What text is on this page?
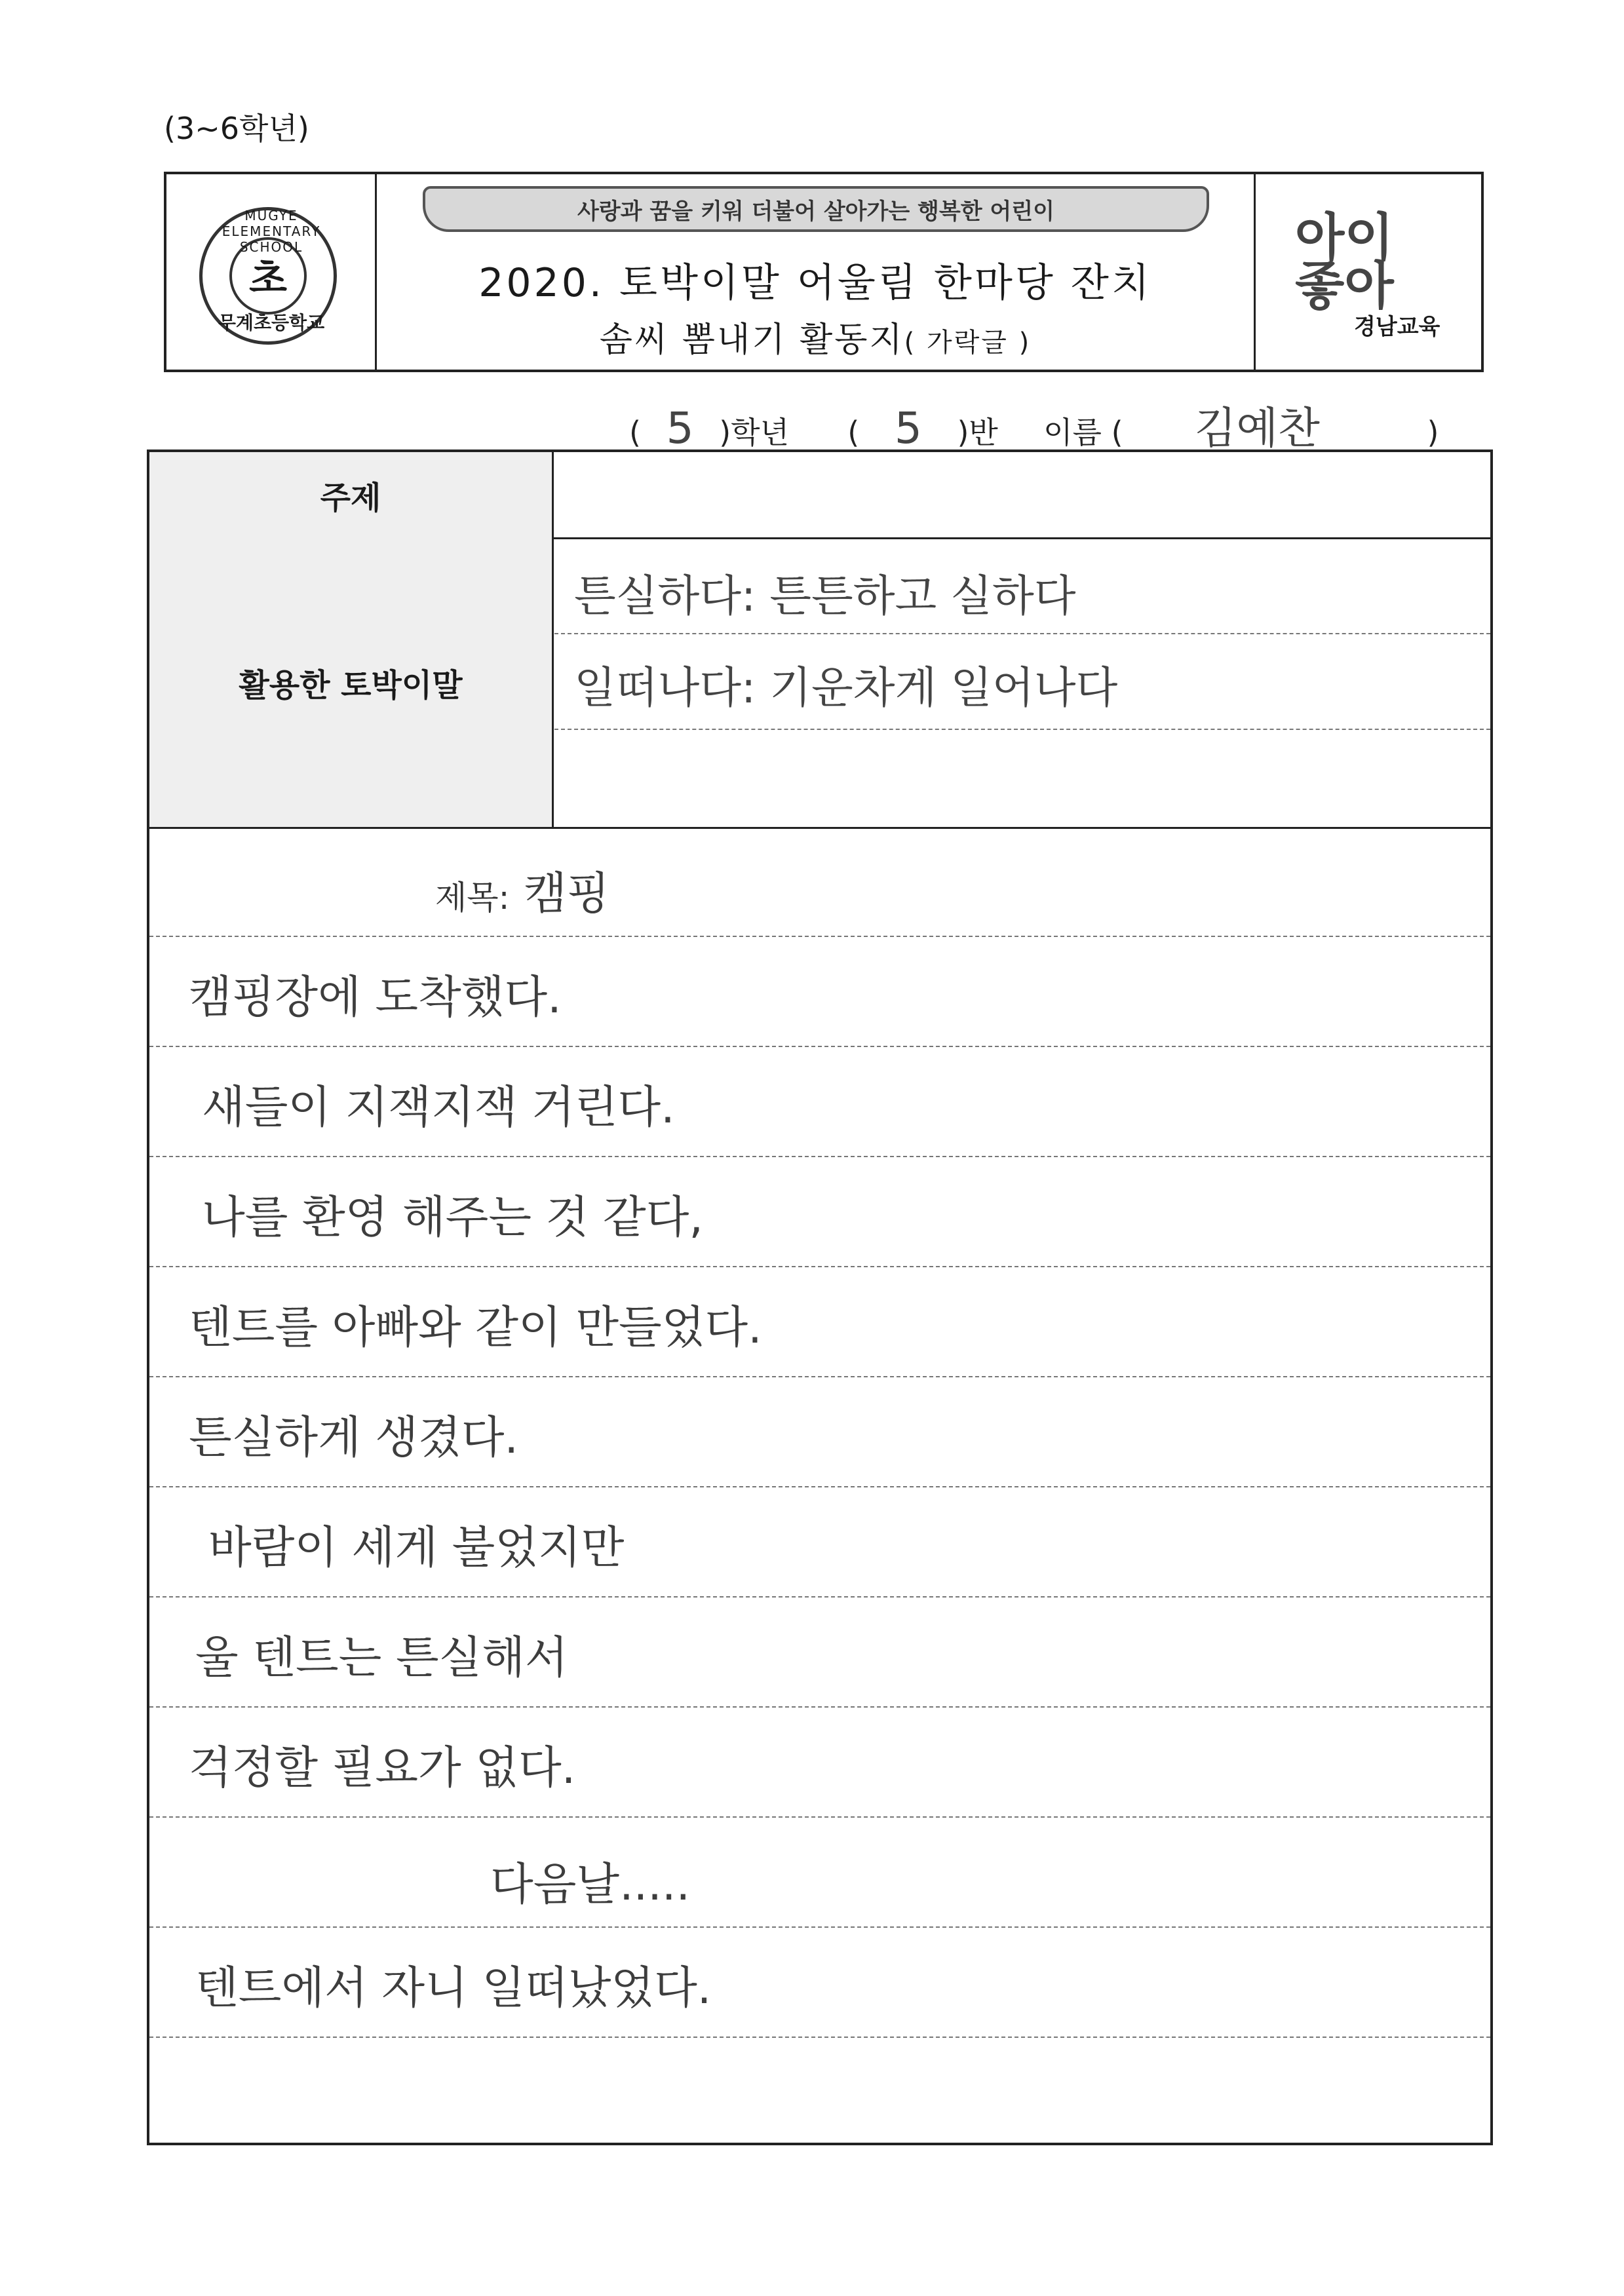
(3~6학년)
MUGYE ELEMENTARY SCHOOL
초
무계초등학교
사랑과 꿈을 키워 더불어 살아가는 행복한 어린이
2020. 토박이말 어울림 한마당 잔치
솜씨 뽐내기 활동지( 가락글 )
아이
좋아
경남교육
( 5 )학년 ( 5 )반 이름 ( 김예찬	)
주제
활용한 토박이말
튼실하다: 튼튼하고 실하다
일떠나다: 기운차게 일어나다
제목: 캠핑
캠핑장에 도착했다.
새들이 지잭지잭 거린다.
나를 환영 해주는 것 같다,
텐트를 아빠와 같이 만들었다.
튼실하게 생겼다.
바람이 세게 불었지만
울 텐트는 튼실해서
걱정할 필요가 없다.
다음날.....
텐트에서 자니 일떠났었다.
